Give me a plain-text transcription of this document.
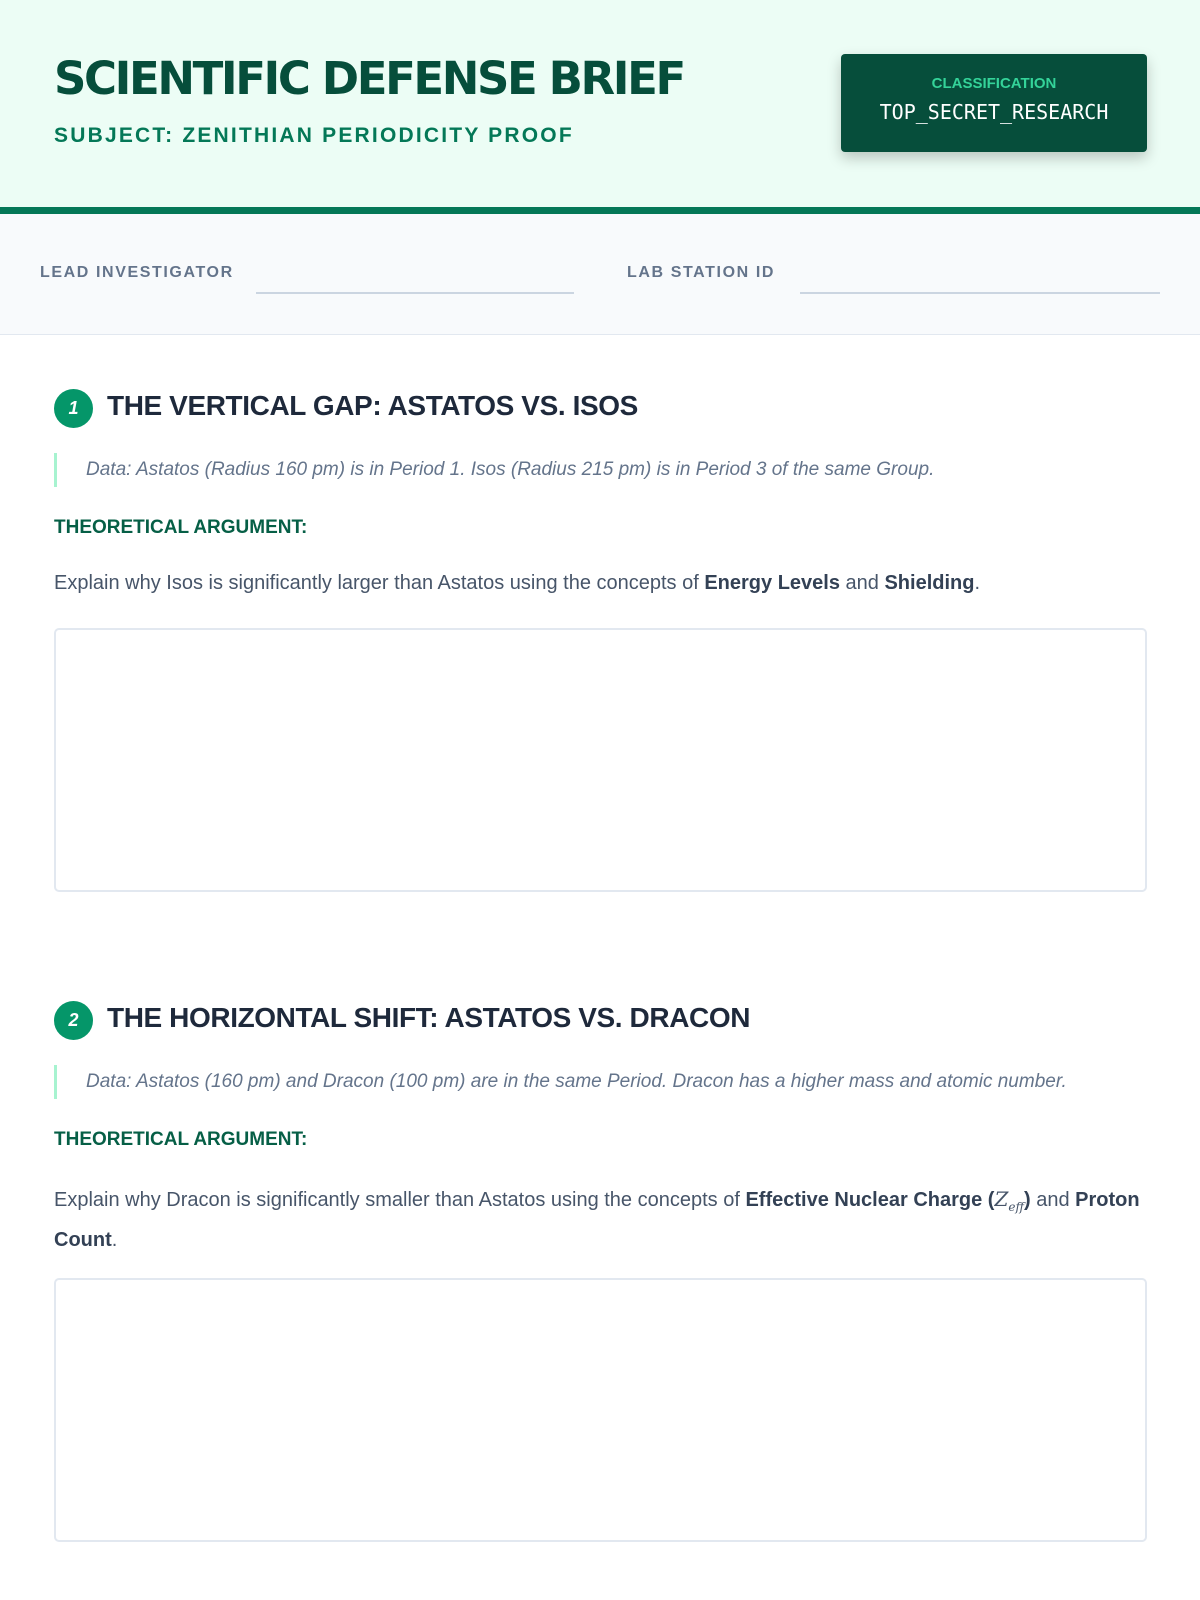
SCIENTIFIC DEFENSE BRIEF
SUBJECT: ZENITHIAN PERIODICITY PROOF
CLASSIFICATION
TOP_SECRET_RESEARCH
LEAD INVESTIGATOR	LAB STATION ID
1	THE VERTICAL GAP: ASTATOS VS. ISOS
Data: Astatos (Radius 160 pm) is in Period 1. Isos (Radius 215 pm) is in Period 3 of the same Group.
THEORETICAL ARGUMENT:
Explain why Isos is significantly larger than Astatos using the concepts of Energy Levels and Shielding.
2	THE HORIZONTAL SHIFT: ASTATOS VS. DRACON
Data: Astatos (160 pm) and Dracon (100 pm) are in the same Period. Dracon has a higher mass and atomic number.
THEORETICAL ARGUMENT:
Explain why Dracon is significantly smaller than Astatos using the concepts of Effective Nuclear Charge $(Z_{eff})$ and Proton Count.
